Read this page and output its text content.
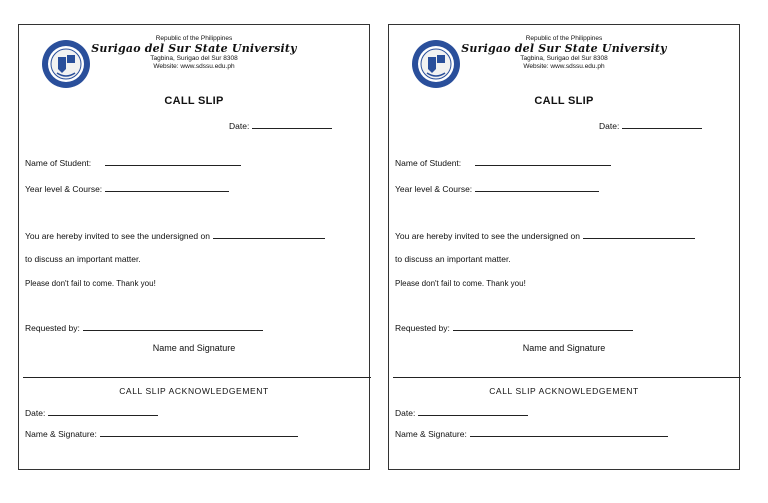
Republic of the Philippines
Surigao del Sur State University
Tagbina, Surigao del Sur 8308
Website: www.sdssu.edu.ph
CALL SLIP
Date:
Name of Student:
Year level & Course:
You are hereby invited to see the undersigned on
to discuss an important matter.
Please don't fail to come. Thank you!
Requested by:
Name and Signature
CALL SLIP ACKNOWLEDGEMENT
Date:
Name & Signature:
Republic of the Philippines
Surigao del Sur State University
Tagbina, Surigao del Sur 8308
Website: www.sdssu.edu.ph
CALL SLIP
Date:
Name of Student:
Year level & Course:
You are hereby invited to see the undersigned on
to discuss an important matter.
Please don't fail to come. Thank you!
Requested by:
Name and Signature
CALL SLIP ACKNOWLEDGEMENT
Date:
Name & Signature:
